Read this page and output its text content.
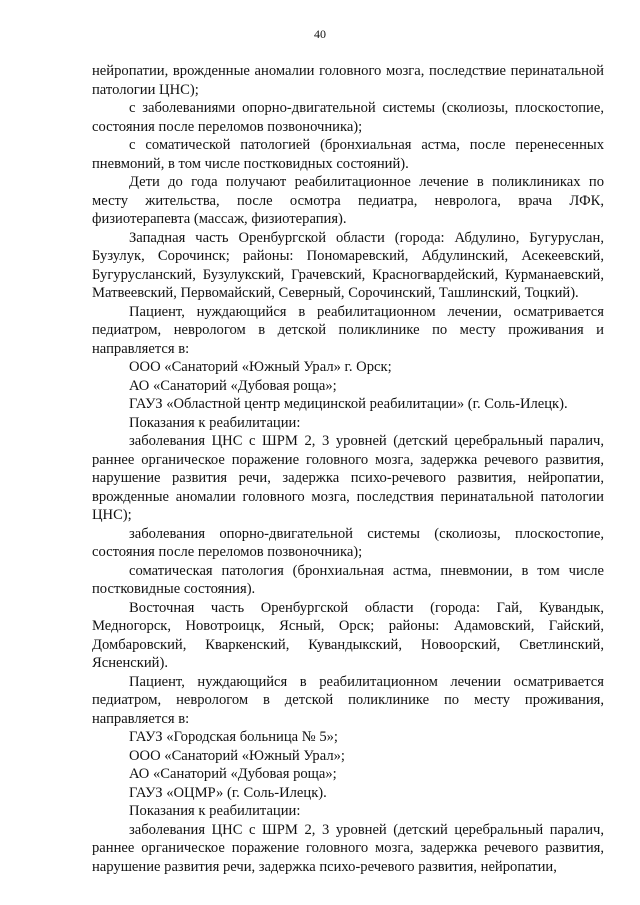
40

нейропатии, врожденные аномалии головного мозга, последствие перинатальной патологии ЦНС);

с заболеваниями опорно-двигательной системы (сколиозы, плоскостопие, состояния после переломов позвоночника);

с соматической патологией (бронхиальная астма, после перенесенных пневмоний, в том числе постковидных состояний).

Дети до года получают реабилитационное лечение в поликлиниках по месту жительства, после осмотра педиатра, невролога, врача ЛФК, физиотерапевта (массаж, физиотерапия).

Западная часть Оренбургской области (города: Абдулино, Бугуруслан, Бузулук, Сорочинск; районы: Пономаревский, Абдулинский, Асекеевский, Бугурусланский, Бузулукский, Грачевский, Красногвардейский, Курманаевский, Матвеевский, Первомайский, Северный, Сорочинский, Ташлинский, Тоцкий).

Пациент, нуждающийся в реабилитационном лечении, осматривается педиатром, неврологом в детской поликлинике по месту проживания и направляется в:

ООО «Санаторий «Южный Урал» г. Орск;

АО «Санаторий «Дубовая роща»;

ГАУЗ «Областной центр медицинской реабилитации» (г. Соль-Илецк).

Показания к реабилитации:

заболевания ЦНС с ШРМ 2, 3 уровней (детский церебральный паралич, раннее органическое поражение головного мозга, задержка речевого развития, нарушение развития речи, задержка психо-речевого развития, нейропатии, врожденные аномалии головного мозга, последствия перинатальной патологии ЦНС);

заболевания опорно-двигательной системы (сколиозы, плоскостопие, состояния после переломов позвоночника);

соматическая патология (бронхиальная астма, пневмонии, в том числе постковидные состояния).

Восточная часть Оренбургской области (города: Гай, Кувандык, Медногорск, Новотроицк, Ясный, Орск; районы: Адамовский, Гайский, Домбаровский, Кваркенский, Кувандыкский, Новоорский, Светлинский, Ясненский).

Пациент, нуждающийся в реабилитационном лечении осматривается педиатром, неврологом в детской поликлинике по месту проживания, направляется в:

ГАУЗ «Городская больница № 5»;

ООО «Санаторий «Южный Урал»;

АО «Санаторий «Дубовая роща»;

ГАУЗ «ОЦМР» (г. Соль-Илецк).

Показания к реабилитации:

заболевания ЦНС с ШРМ 2, 3 уровней (детский церебральный паралич, раннее органическое поражение головного мозга, задержка речевого развития, нарушение развития речи, задержка психо-речевого развития, нейропатии,
